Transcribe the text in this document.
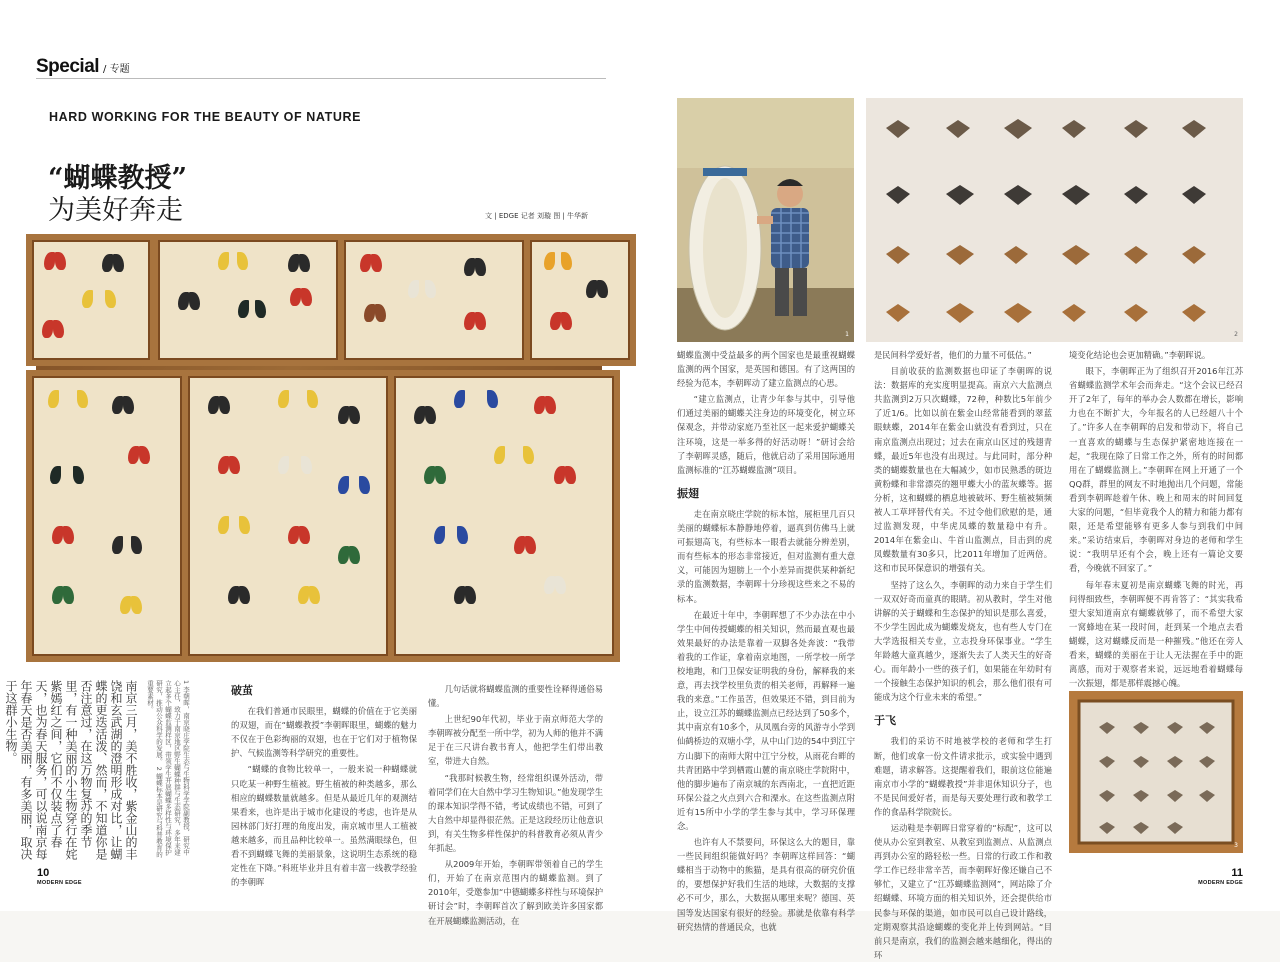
Special / 专题
HARD WORKING FOR THE BEAUTY OF NATURE
“蝴蝶教授”
为美好奔走	文 | EDGE 记者 刘璇 图 | 牛华新
南京三月，美不胜收，紫金山的丰饶和玄武湖的澄明形成对比，让蝴蝶的更迭活泼、然而，不知道你是否注意过，在这万物复苏的季节里，有一种美丽的小生物穿行在姹紫嫣红之间，它们不仅装点了春天，也为春天服务，可以说南京每年春天是否美丽，有多美丽，取决于这群小生物。	1 李朝晖，南京晓庄学院生态与生物科学学院副教授、研究中心主任，致力于南京地区野生蝴蝶种群与生态研究，多年来建立起多个蝴蝶监测样区，带领学生开展蝴蝶多样性与环境保护研究，推动公众科学的发展。 2 蝴蝶标本是研究与科普教育的重要素材。	破茧

在我们普通市民眼里，蝴蝶的价值在于它美丽的双翅，而在“蝴蝶教授”李朝晖眼里，蝴蝶的魅力不仅在于色彩绚丽的双翅，也在于它们对于植物保护、气候监测等科学研究的重要性。

“蝴蝶的食物比较单一，一般来说一种蝴蝶就只吃某一种野生植被。野生植被的种类越多，那么相应的蝴蝶数量就越多。但是从最近几年的观测结果看来，也许是出于城市化建设的考虑，也许是从园林部门好打理的角度出发，南京城市里人工植被越来越多，而且品种比较单一。虽然满眼绿色，但看不到蝴蝶飞舞的美丽景象，这说明生态系统的稳定性在下降。”科班毕业并且有着丰富一线教学经验的李朝晖

几句话就将蝴蝶监测的重要性诠释得通俗易懂。

上世纪90年代初，毕业于南京师范大学的李朝晖被分配至一所中学，初为人师的他并不满足于在三尺讲台教书育人，他把学生们带出教室，带进大自然。

“我那时候教生物，经常组织课外活动，带着同学们在大自然中学习生物知识。”他发现学生的课本知识学得不错，考试成绩也不错，可到了大自然中却显得很茫然。正是这段经历让他意识到，有关生物多样性保护的科普教育必须从青少年抓起。

从2009年开始，李朝晖带领着自己的学生们，开始了在南京范围内的蝴蝶监测。到了2010年，受邀参加“中德蝴蝶多样性与环境保护研讨会”时，李朝晖首次了解到欧美许多国家都在开展蝴蝶监测活动，在

10
MODERN EDGE
1	2

蝴蝶监测中受益最多的两个国家也是最重视蝴蝶监测的两个国家，是英国和德国。有了这两国的经验为范本，李朝晖动了建立监测点的心思。

“建立监测点，让青少年参与其中，引导他们通过美丽的蝴蝶关注身边的环境变化，树立环保观念，并带动家庭乃至社区一起来爱护蝴蝶关注环境，这是一举多得的好活动呀！”研讨会给了李朝晖灵感，随后，他就启动了采用国际通用监测标准的“江苏蝴蝶监测”项目。

振翅

走在南京晓庄学院的标本馆，展柜里几百只美丽的蝴蝶标本静静地停着，逼真到仿佛马上就可振翅高飞，有些标本一眼看去就能分辨差别，而有些标本的形态非常接近，但对监测有重大意义，可能因为翅膀上一个小差异而提供某种新纪录的监测数据，李朝晖十分珍视这些来之不易的标本。

在最近十年中，李朝晖想了不少办法在中小学生中间传授蝴蝶的相关知识，然而最直观也最效果最好的办法是靠着一双脚各处奔波：“我带着我的工作证，拿着南京地图，一所学校一所学校地跑，和门卫保安证明我的身份，解释我的来意，再去找学校里负责的相关老师，再解释一遍我的来意。”工作虽苦，但效果还不错，到目前为止，设立江苏的蝴蝶监测点已经达到了50多个，其中南京有10多个，从凤凰台旁的风游寺小学到仙鹤桥边的双塘小学，从中山门边的54中到江宁方山脚下的南师大附中江宁分校，从雨花台畔的共青团路中学到栖霞山麓的南京晓庄学院附中，他的脚步遍布了南京城的东西南北，一直把近距环保公益之火点到六合和溧水。在这些监测点附近有15所中小学的学生参与其中，学习环保理念。

也许有人不禁要问，环保这么大的题目，靠一些民间组织能做好吗？李朝晖这样回答：“蝴蝶相当于动物中的熊猫，是具有很高的研究价值的，要想保护好我们生活的地球，大数据的支撑必不可少，那么，大数据从哪里来呢？德国、英国等发达国家有很好的经验。那就是依靠有科学研究热情的普通民众，也就

是民间科学爱好者，他们的力量不可低估。”

目前收获的监测数据也印证了李朝晖的说法：数据库的充实度明显提高。南京六大监测点共监测到2万只次蝴蝶，72种，种数比5年前少了近1/6。比如以前在紫金山经常能看到的翠蓝眼蛱蝶，2014年在紫金山就没有看到过，只在南京监测点出现过；过去在南京山区过的残翅青蝶，最近5年也没有出现过。与此同时，部分种类的蝴蝶数量也在大幅减少，如市民熟悉的斑边黄粉蝶和非常漂亮的翘甲蝶大小的蓝灰蝶等。据分析，这和蝴蝶的栖息地被破坏、野生植被频频被人工草坪替代有关。不过令他们欣慰的是，通过监测发现，中华虎凤蝶的数量稳中有升。2014年在紫金山、牛首山监测点，目击到的虎凤蝶数量有30多只，比2011年增加了近两倍。这和市民环保意识的增强有关。

坚持了这么久，李朝晖的动力来自于学生们一双双好奇而童真的眼睛。初从教时，学生对他讲解的关于蝴蝶和生态保护的知识是那么喜爱，不少学生因此成为蝴蝶发烧友，也有些人专门在大学选报相关专业，立志投身环保事业。“学生年龄越大童真越少，逐渐失去了人类天生的好奇心。而年龄小一些的孩子们，如果能在年幼时有一个接触生态保护知识的机会，那么他们很有可能成为这个行业未来的希望。”

于飞

我们的采访不时地被学校的老师和学生打断，他们或拿一份文件请求批示，或实验中遇到难题，请求解答。这提醒着我们，眼前这位能遍南京市小学的“蝴蝶教授”并非退休知识分子，也不是民间爱好者，而是每天要处理行政和教学工作的食品科学院院长。

运动鞋是李朝晖日常穿着的“标配”，这可以使从办公室到教室、从教室到监测点、从监测点再到办公室的路轻松一些。日常的行政工作和教学工作已经非常辛苦，而李朝晖好像还嫌自己不够忙，又建立了“江苏蝴蝶监测网”，网站除了介绍蝴蝶、环境方面的相关知识外，还会提供给市民参与环保的渠道，如市民可以自己设计路线，定期观察其沿途蝴蝶的变化并上传到网站。“目前只是南京，我们的监测会越来越细化，得出的环

境变化结论也会更加精确。”李朝晖说。

眼下，李朝晖正为了组织召开2016年江苏省蝴蝶监测学术年会而奔走。“这个会议已经召开了2年了，每年的举办会人数都在增长，影响力也在不断扩大，今年报名的人已经超八十个了。”许多人在李朝晖的启发和带动下，将自己一直喜欢的蝴蝶与生态保护紧密地连接在一起，“我现在除了日常工作之外，所有的时间都用在了蝴蝶监测上。”李朝晖在网上开通了一个QQ群，群里的网友不时地抛出几个问题，常能看到李朝晖趁着午休、晚上和周末的时间回复大家的问题，“但毕竟我个人的精力和能力都有限，还是希望能够有更多人参与到我们中间来。”采访结束后，李朝晖对身边的老师和学生说：“我明早还有个会，晚上还有一篇论文要看，今晚就不回家了。”

每年春末夏初是南京蝴蝶飞舞的时光，再问得细致些，李朝晖便不再肯答了：“其实我希望大家知道南京有蝴蝶就够了，而不希望大家一窝蜂地在某一段时间，赶到某一个地点去看蝴蝶，这对蝴蝶反而是一种摧残。”他还在旁人看来，蝴蝶的美丽在于让人无法握在手中的距离感，而对于观察者来说，远远地看着蝴蝶每一次振翅，都是那样震撼心魄。

3
11
MODERN EDGE
